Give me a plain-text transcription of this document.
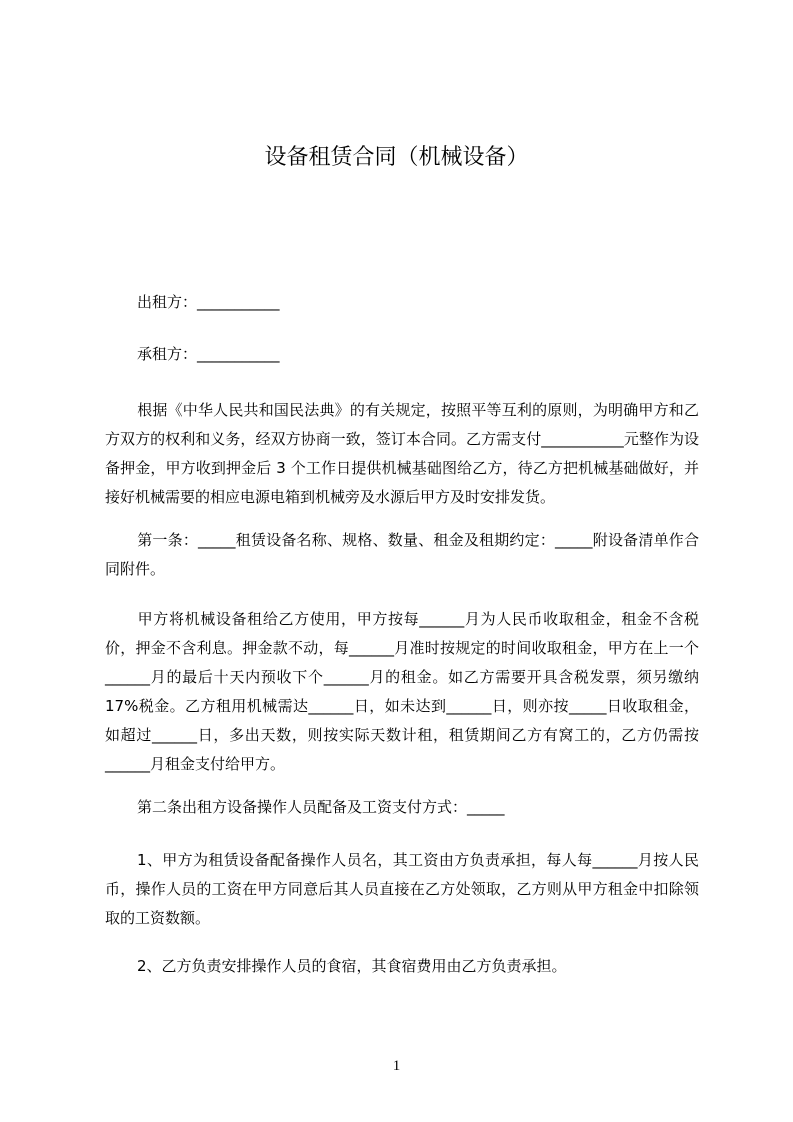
设备租赁合同（机械设备）
出租方：___________
承租方：___________

根据《中华人民共和国民法典》的有关规定，按照平等互利的原则，为明确甲方和乙方双方的权利和义务，经双方协商一致，签订本合同。乙方需支付___________元整作为设备押金，甲方收到押金后 3 个工作日提供机械基础图给乙方，待乙方把机械基础做好，并接好机械需要的相应电源电箱到机械旁及水源后甲方及时安排发货。

第一条：_____租赁设备名称、规格、数量、租金及租期约定：_____附设备清单作合同附件。

甲方将机械设备租给乙方使用，甲方按每______月为人民币收取租金，租金不含税价，押金不含利息。押金款不动，每______月准时按规定的时间收取租金，甲方在上一个______月的最后十天内预收下个______月的租金。如乙方需要开具含税发票，须另缴纳 17%税金。乙方租用机械需达______日，如未达到______日，则亦按_____日收取租金，如超过______日，多出天数，则按实际天数计租，租赁期间乙方有窝工的，乙方仍需按______月租金支付给甲方。

第二条出租方设备操作人员配备及工资支付方式：_____

1、甲方为租赁设备配备操作人员名，其工资由方负责承担，每人每______月按人民币，操作人员的工资在甲方同意后其人员直接在乙方处领取，乙方则从甲方租金中扣除领取的工资数额。

2、乙方负责安排操作人员的食宿，其食宿费用由乙方负责承担。

1
